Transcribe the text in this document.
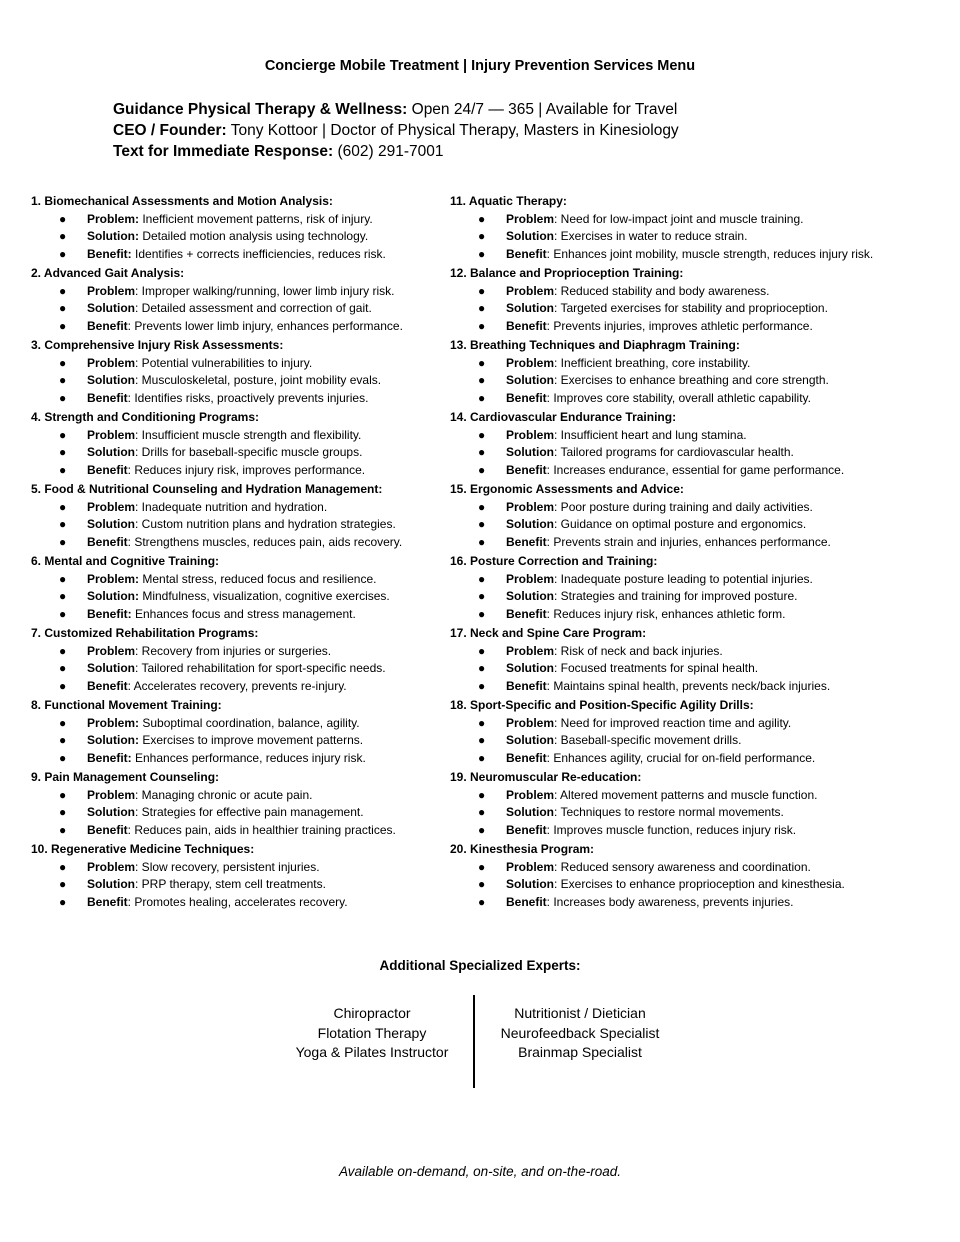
Concierge Mobile Treatment | Injury Prevention Services Menu
Guidance Physical Therapy & Wellness: Open 24/7 — 365 | Available for Travel
CEO / Founder: Tony Kottoor | Doctor of Physical Therapy, Masters in Kinesiology
Text for Immediate Response: (602) 291-7001
1. Biomechanical Assessments and Motion Analysis:
● Problem: Inefficient movement patterns, risk of injury.
● Solution: Detailed motion analysis using technology.
● Benefit: Identifies + corrects inefficiencies, reduces risk.
2. Advanced Gait Analysis:
● Problem: Improper walking/running, lower limb injury risk.
● Solution: Detailed assessment and correction of gait.
● Benefit: Prevents lower limb injury, enhances performance.
3. Comprehensive Injury Risk Assessments:
● Problem: Potential vulnerabilities to injury.
● Solution: Musculoskeletal, posture, joint mobility evals.
● Benefit: Identifies risks, proactively prevents injuries.
4. Strength and Conditioning Programs:
● Problem: Insufficient muscle strength and flexibility.
● Solution: Drills for baseball-specific muscle groups.
● Benefit: Reduces injury risk, improves performance.
5. Food & Nutritional Counseling and Hydration Management:
● Problem: Inadequate nutrition and hydration.
● Solution: Custom nutrition plans and hydration strategies.
● Benefit: Strengthens muscles, reduces pain, aids recovery.
6. Mental and Cognitive Training:
● Problem: Mental stress, reduced focus and resilience.
● Solution: Mindfulness, visualization, cognitive exercises.
● Benefit: Enhances focus and stress management.
7. Customized Rehabilitation Programs:
● Problem: Recovery from injuries or surgeries.
● Solution: Tailored rehabilitation for sport-specific needs.
● Benefit: Accelerates recovery, prevents re-injury.
8. Functional Movement Training:
● Problem: Suboptimal coordination, balance, agility.
● Solution: Exercises to improve movement patterns.
● Benefit: Enhances performance, reduces injury risk.
9. Pain Management Counseling:
● Problem: Managing chronic or acute pain.
● Solution: Strategies for effective pain management.
● Benefit: Reduces pain, aids in healthier training practices.
10. Regenerative Medicine Techniques:
● Problem: Slow recovery, persistent injuries.
● Solution: PRP therapy, stem cell treatments.
● Benefit: Promotes healing, accelerates recovery.
11. Aquatic Therapy:
● Problem: Need for low-impact joint and muscle training.
● Solution: Exercises in water to reduce strain.
● Benefit: Enhances joint mobility, muscle strength, reduces injury risk.
12. Balance and Proprioception Training:
● Problem: Reduced stability and body awareness.
● Solution: Targeted exercises for stability and proprioception.
● Benefit: Prevents injuries, improves athletic performance.
13. Breathing Techniques and Diaphragm Training:
● Problem: Inefficient breathing, core instability.
● Solution: Exercises to enhance breathing and core strength.
● Benefit: Improves core stability, overall athletic capability.
14. Cardiovascular Endurance Training:
● Problem: Insufficient heart and lung stamina.
● Solution: Tailored programs for cardiovascular health.
● Benefit: Increases endurance, essential for game performance.
15. Ergonomic Assessments and Advice:
● Problem: Poor posture during training and daily activities.
● Solution: Guidance on optimal posture and ergonomics.
● Benefit: Prevents strain and injuries, enhances performance.
16. Posture Correction and Training:
● Problem: Inadequate posture leading to potential injuries.
● Solution: Strategies and training for improved posture.
● Benefit: Reduces injury risk, enhances athletic form.
17. Neck and Spine Care Program:
● Problem: Risk of neck and back injuries.
● Solution: Focused treatments for spinal health.
● Benefit: Maintains spinal health, prevents neck/back injuries.
18. Sport-Specific and Position-Specific Agility Drills:
● Problem: Need for improved reaction time and agility.
● Solution: Baseball-specific movement drills.
● Benefit: Enhances agility, crucial for on-field performance.
19. Neuromuscular Re-education:
● Problem: Altered movement patterns and muscle function.
● Solution: Techniques to restore normal movements.
● Benefit: Improves muscle function, reduces injury risk.
20. Kinesthesia Program:
● Problem: Reduced sensory awareness and coordination.
● Solution: Exercises to enhance proprioception and kinesthesia.
● Benefit: Increases body awareness, prevents injuries.
Additional Specialized Experts:
Chiropractor
Flotation Therapy
Yoga & Pilates Instructor
Nutritionist / Dietician
Neurofeedback Specialist
Brainmap Specialist
Available on-demand, on-site, and on-the-road.
